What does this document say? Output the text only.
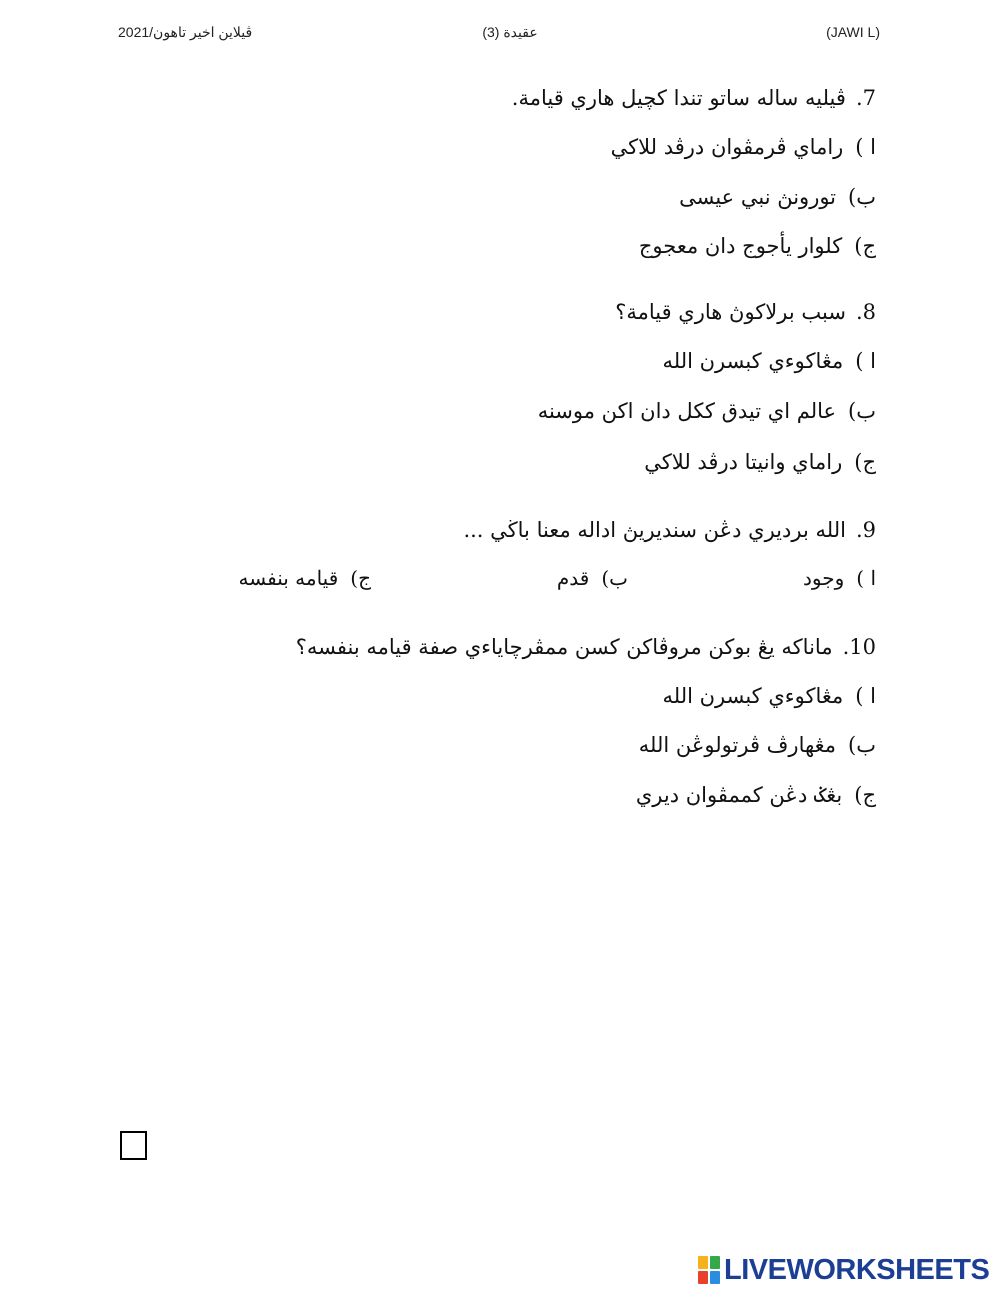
ڤيلاين اخير تاهون/2021	عقيدة (3)	(JAWI L)
7.ڤيليه ساله ساتو تندا كچيل هاري قيامة.
ا )راماي ڤرمڤوان درڤد للاكي
ب)تورونڽ نبي عيسى
ج)كلوار يأجوج دان معجوج
8.سبب برلاكوڽ هاري قيامة؟
ا )مڠاكوءي كبسرن الله
ب)عالم اي تيدق ككل دان اكن موسنه
ج)راماي وانيتا درڤد للاكي
9.الله برديري دڠن سنديريڽ اداله معنا باڬي ...
ا )وجود
ب)قدم
ج)قيامه بنفسه
10.ماناكه يڠ بوكن مروڤاكن كسن ممڤرچاياءي صفة قيامه بنفسه؟
ا )مڠاكوءي كبسرن الله
ب)مڠهارڤ ڤرتولوڠن الله
ج)بڠݢ دڠن كممڤوان ديري
LIVEWORKSHEETS
